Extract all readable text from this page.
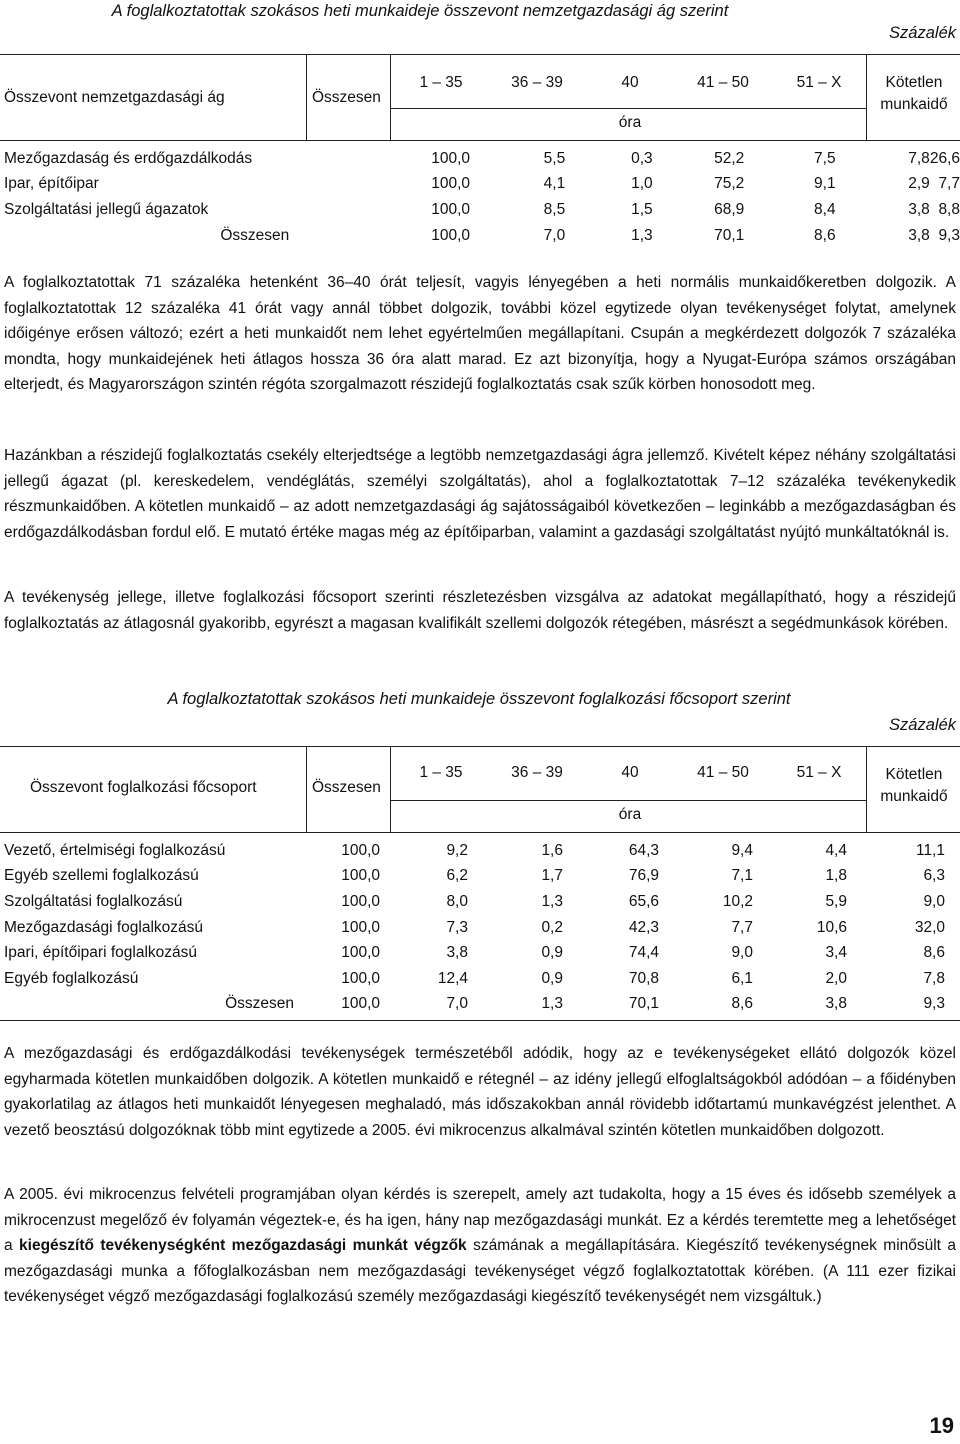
A foglalkoztatottak szokásos heti munkaideje összevont nemzetgazdasági ág szerint
Százalék
Összevont nemzetgazdasági ág	Összesen
1 – 35	36 – 39	40	41 – 50	51 – X	Kötetlen munkaidő
óra
Mezőgazdaság és erdőgazdálkodás	100,0	5,5	0,3	52,2	7,5	7,8	26,6	
Ipar, építőipar	100,0	4,1	1,0	75,2	9,1	2,9	7,7	
Szolgáltatási jellegű ágazatok	100,0	8,5	1,5	68,9	8,4	3,8	8,8	
Összesen	100,0	7,0	1,3	70,1	8,6	3,8	9,3	

A foglalkoztatottak 71 százaléka hetenként 36–40 órát teljesít, vagyis lényegében a heti normális munkaidőkeretben dolgozik. A foglalkoztatottak 12 százaléka 41 órát vagy annál többet dolgozik, további közel egytizede olyan tevékenységet folytat, amelynek időigénye erősen változó; ezért a heti munkaidőt nem lehet egyértelműen megállapítani. Csupán a megkérdezett dolgozók 7 százaléka mondta, hogy munkaidejének heti átlagos hossza 36 óra alatt marad. Ez azt bizonyítja, hogy a Nyugat-Európa számos országában elterjedt, és Magyarországon szintén régóta szorgalmazott részidejű foglalkoztatás csak szűk körben honosodott meg.

Hazánkban a részidejű foglalkoztatás csekély elterjedtsége a legtöbb nemzetgazdasági ágra jellemző. Kivételt képez néhány szolgáltatási jellegű ágazat (pl. kereskedelem, vendéglátás, személyi szolgáltatás), ahol a foglalkoztatottak 7–12 százaléka tevékenykedik részmunkaidőben. A kötetlen munkaidő – az adott nemzetgazdasági ág sajátosságaiból következően – leginkább a mezőgazdaságban és erdőgazdálkodásban fordul elő. E mutató értéke magas még az építőiparban, valamint a gazdasági szolgáltatást nyújtó munkáltatóknál is.

A tevékenység jellege, illetve foglalkozási főcsoport szerinti részletezésben vizsgálva az adatokat megállapítható, hogy a részidejű foglalkoztatás az átlagosnál gyakoribb, egyrészt a magasan kvalifikált szellemi dolgozók rétegében, másrészt a segédmunkások körében.

A foglalkoztatottak szokásos heti munkaideje összevont foglalkozási főcsoport szerint
Százalék
Összevont foglalkozási főcsoport	Összesen
1 – 35	36 – 39	40	41 – 50	51 – X	Kötetlen munkaidő
óra
Vezető, értelmiségi foglalkozású	100,0	9,2	1,6	64,3	9,4	4,4	11,1	
Egyéb szellemi foglalkozású	100,0	6,2	1,7	76,9	7,1	1,8	6,3	
Szolgáltatási foglalkozású	100,0	8,0	1,3	65,6	10,2	5,9	9,0	
Mezőgazdasági foglalkozású	100,0	7,3	0,2	42,3	7,7	10,6	32,0	
Ipari, építőipari foglalkozású	100,0	3,8	0,9	74,4	9,0	3,4	8,6	
Egyéb foglalkozású	100,0	12,4	0,9	70,8	6,1	2,0	7,8	
Összesen	100,0	7,0	1,3	70,1	8,6	3,8	9,3	

A mezőgazdasági és erdőgazdálkodási tevékenységek természetéből adódik, hogy az e tevékenységeket ellátó dolgozók közel egyharmada kötetlen munkaidőben dolgozik. A kötetlen munkaidő e rétegnél – az idény jellegű elfoglaltságokból adódóan – a főidényben gyakorlatilag az átlagos heti munkaidőt lényegesen meghaladó, más időszakokban annál rövidebb időtartamú munkavégzést jelenthet. A vezető beosztású dolgozóknak több mint egytizede a 2005. évi mikrocenzus alkalmával szintén kötetlen munkaidőben dolgozott.

A 2005. évi mikrocenzus felvételi programjában olyan kérdés is szerepelt, amely azt tudakolta, hogy a 15 éves és idősebb személyek a mikrocenzust megelőző év folyamán végeztek-e, és ha igen, hány nap mezőgazdasági munkát. Ez a kérdés teremtette meg a lehetőséget a kiegészítő tevékenységként mezőgazdasági munkát végzők számának a megállapítására. Kiegészítő tevékenységnek minősült a mezőgazdasági munka a főfoglalkozásban nem mezőgazdasági tevékenységet végző foglalkoztatottak körében. (A 111 ezer fizikai tevékenységet végző mezőgazdasági foglalkozású személy mezőgazdasági kiegészítő tevékenységét nem vizsgáltuk.)

19
